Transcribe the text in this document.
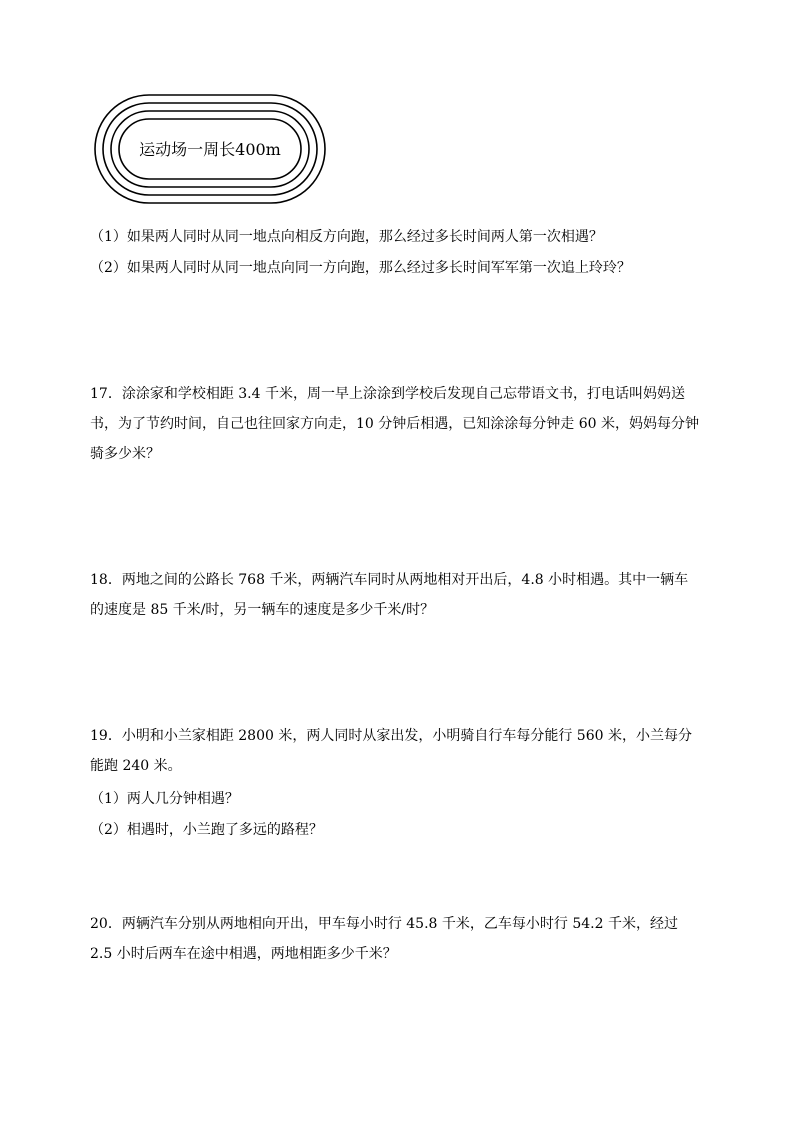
运动场一周长400m
（1）如果两人同时从同一地点向相反方向跑，那么经过多长时间两人第一次相遇？
（2）如果两人同时从同一地点向同一方向跑，那么经过多长时间军军第一次追上玲玲？
17．涂涂家和学校相距 3.4 千米，周一早上涂涂到学校后发现自己忘带语文书，打电话叫妈妈送书，为了节约时间，自己也往回家方向走，10 分钟后相遇，已知涂涂每分钟走 60 米，妈妈每分钟骑多少米？
18．两地之间的公路长 768 千米，两辆汽车同时从两地相对开出后，4.8 小时相遇。其中一辆车的速度是 85 千米/时，另一辆车的速度是多少千米/时？
19．小明和小兰家相距 2800 米，两人同时从家出发，小明骑自行车每分能行 560 米，小兰每分能跑 240 米。
（1）两人几分钟相遇？
（2）相遇时，小兰跑了多远的路程？
20．两辆汽车分别从两地相向开出，甲车每小时行 45.8 千米，乙车每小时行 54.2 千米，经过 2.5 小时后两车在途中相遇，两地相距多少千米？
